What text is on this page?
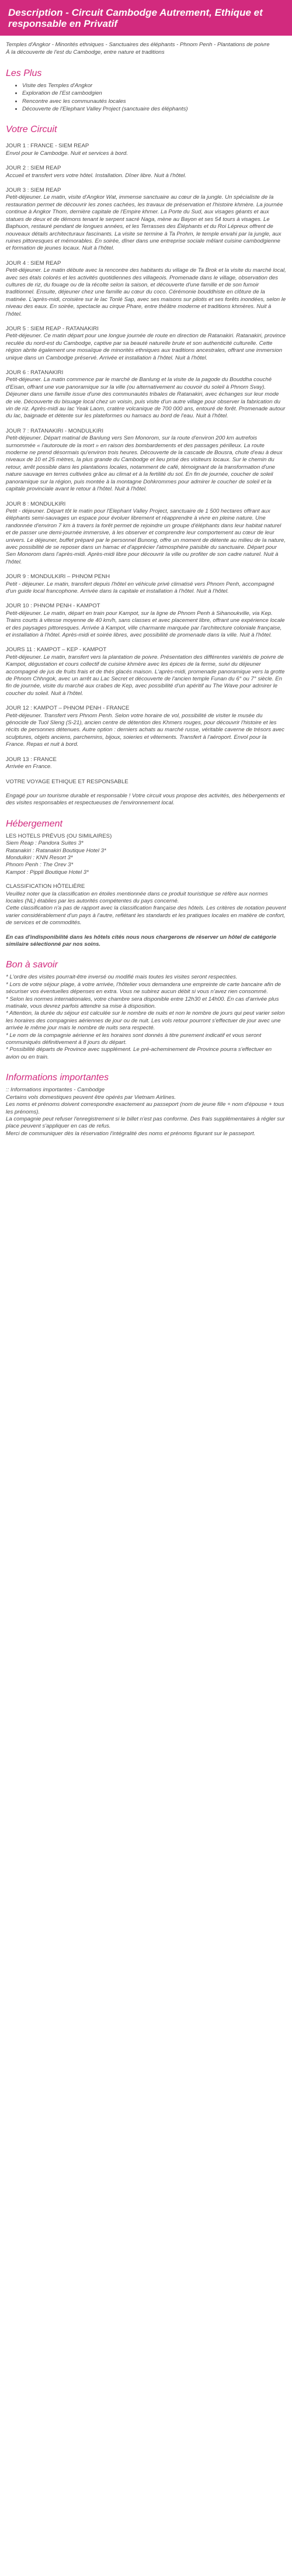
Description - Circuit Cambodge Autrement, Ethique et responsable en Privatif

Temples d'Angkor - Minorités ethniques - Sanctuaires des éléphants - Phnom Penh - Plantations de poivre

À la découverte de l'est du Cambodge, entre nature et traditions

Les Plus
• Visite des Temples d'Angkor
• Exploration de l'Est cambodgien
• Rencontre avec les communautés locales
• Découverte de l'Elephant Valley Project (sanctuaire des éléphants)
Votre Circuit
JOUR 1 : FRANCE - SIEM REAP

Envol pour le Cambodge. Nuit et services à bord.

JOUR 2 : SIEM REAP

Accueil et transfert vers votre hôtel. Installation. Dîner libre. Nuit à l'hôtel.

JOUR 3 : SIEM REAP

Petit-déjeuner. Le matin, visite d'Angkor Wat, immense sanctuaire au cœur de la jungle. Un spécialiste de la restauration permet de découvrir les zones cachées, les travaux de préservation et l'histoire khmère. La journée continue à Angkor Thom, dernière capitale de l'Empire khmer. La Porte du Sud, aux visages géants et aux statues de deux et de démons tenant le serpent sacré Naga, mène au Bayon et ses 54 tours à visages. Le Baphuon, restauré pendant de longues années, et les Terrasses des Éléphants et du Roi Lépreux offrent de nouveaux détails architecturaux fascinants. La visite se termine à Ta Prohm, le temple envahi par la jungle, aux ruines pittoresques et mémorables. En soirée, dîner dans une entreprise sociale mêlant cuisine cambodgienne et formation de jeunes locaux. Nuit à l'hôtel.

JOUR 4 : SIEM REAP

Petit-déjeuner. Le matin débute avec la rencontre des habitants du village de Ta Brok et la visite du marché local, avec ses étals colorés et les activités quotidiennes des villageois. Promenade dans le village, observation des cultures de riz, du fouage ou de la récolte selon la saison, et découverte d'une famille et de son fumoir traditionnel. Ensuite, déjeuner chez une famille au cœur du coco. Cérémonie bouddhiste en clôture de la matinée. L'après-midi, croisière sur le lac Tonlé Sap, avec ses maisons sur pilotis et ses forêts inondées, selon le niveau des eaux. En soirée, spectacle au cirque Phare, entre théâtre moderne et traditions khmères. Nuit à l'hôtel.

JOUR 5 : SIEM REAP - RATANAKIRI

Petit-déjeuner. Ce matin départ pour une longue journée de route en direction de Ratanakiri. Ratanakiri, province reculée du nord-est du Cambodge, captive par sa beauté naturelle brute et son authenticité culturelle. Cette région abrite également une mosaïque de minorités ethniques aux traditions ancestrales, offrant une immersion unique dans un Cambodge préservé. Arrivée et installation à l'hôtel. Nuit à l'hôtel.

JOUR 6 : RATANAKIRI

Petit-déjeuner. La matin commence par le marché de Banlung et la visite de la pagode du Bouddha couché d'Eisan, offrant une vue panoramique sur la ville (ou alternativement au couvoir du soleil à Phnom Svay). Déjeuner dans une famille issue d'une des communautés tribales de Ratanakiri, avec échanges sur leur mode de vie. Découverte du bisuage local chez un voisin, puis visite d'un autre village pour observer la fabrication du vin de riz. Après-midi au lac Yeak Laom, cratère volcanique de 700 000 ans, entouré de forêt. Promenade autour du lac, baignade et détente sur les plateformes ou hamacs au bord de l'eau. Nuit à l'hôtel.

JOUR 7 : RATANAKIRI - MONDULKIRI

Petit-déjeuner. Départ matinal de Banlung vers Sen Monorom, sur la route d'environ 200 km autrefois surnommée « l'autoroute de la mort » en raison des bombardements et des passages périlleux. La route moderne ne prend désormais qu'environ trois heures. Découverte de la cascade de Bousra, chute d'eau à deux niveaux de 10 et 25 mètres, la plus grande du Cambodge et lieu prisé des visiteurs locaux. Sur le chemin du retour, arrêt possible dans les plantations locales, notamment de café, témoignant de la transformation d'une nature sauvage en terres cultivées grâce au climat et à la fertilité du sol. En fin de journée, coucher de soleil panoramique sur la région, puis montée à la montagne Dohkrommes pour admirer le coucher de soleil et la capitale provinciale avant le retour à l'hôtel. Nuit à l'hôtel.

JOUR 8 : MONDULKIRI

Petit - déjeuner. Départ tôt le matin pour l'Elephant Valley Project, sanctuaire de 1 500 hectares offrant aux éléphants semi-sauvages un espace pour évoluer librement et réapprendre à vivre en pleine nature. Une randonnée d'environ 7 km à travers la forêt permet de rejoindre un groupe d'éléphants dans leur habitat naturel et de passer une demi-journée immersive, à les observer et comprendre leur comportement au cœur de leur univers. Le déjeuner, buffet préparé par le personnel Bunong, offre un moment de détente au milieu de la nature, avec possibilité de se reposer dans un hamac et d'apprécier l'atmosphère paisible du sanctuaire. Départ pour Sen Monorom dans l'après-midi. Après-midi libre pour découvrir la ville ou profiter de son cadre naturel. Nuit à l'hôtel.

JOUR 9 : MONDULKIRI – PHNOM PENH

Petit - déjeuner. Le matin, transfert depuis l'hôtel en véhicule privé climatisé vers Phnom Penh, accompagné d'un guide local francophone. Arrivée dans la capitale et installation à l'hôtel. Nuit à l'hôtel.

JOUR 10 : PHNOM PENH - KAMPOT

Petit-déjeuner. Le matin, départ en train pour Kampot, sur la ligne de Phnom Penh à Sihanoukville, via Kep. Trains courts à vitesse moyenne de 40 km/h, sans classes et avec placement libre, offrant une expérience locale et des paysages pittoresques. Arrivée à Kampot, ville charmante marquée par l'architecture coloniale française, et installation à l'hôtel. Après-midi et soirée libres, avec possibilité de promenade dans la ville. Nuit à l'hôtel.

JOURS 11 : KAMPOT – KEP - KAMPOT

Petit-déjeuner. Le matin, transfert vers la plantation de poivre. Présentation des différentes variétés de poivre de Kampot, dégustation et cours collectif de cuisine khmère avec les épices de la ferme, suivi du déjeuner accompagné de jus de fruits frais et de thés glacés maison. L'après-midi, promenade panoramique vers la grotte de Phnom Chhngok, avec un arrêt au Lac Secret et découverte de l'ancien temple Funan du 6° ou 7° siècle. En fin de journée, visite du marché aux crabes de Kep, avec possibilité d'un apéritif au The Wave pour admirer le coucher du soleil. Nuit à l'hôtel.

JOUR 12 : KAMPOT – PHNOM PENH - FRANCE

Petit-déjeuner. Transfert vers Phnom Penh. Selon votre horaire de vol, possibilité de visiter le musée du génocide de Tuol Sleng (S-21), ancien centre de détention des Khmers rouges, pour découvrir l'histoire et les récits de personnes détenues. Autre option : derniers achats au marché russe, véritable caverne de trésors avec sculptures, objets anciens, parchemins, bijoux, soieries et vêtements. Transfert à l'aéroport. Envol pour la France. Repas et nuit à bord.

JOUR 13 : FRANCE

Arrivée en France.

VOTRE VOYAGE ETHIQUE ET RESPONSABLE

Engagé pour un tourisme durable et responsable ! Votre circuit vous propose des activités, des hébergements et des visites responsables et respectueuses de l'environnement local.

Hébergement

LES HOTELS PRÉVUS (OU SIMILAIRES)

Siem Reap : Pandora Suites 3*

Ratanakiri : Ratanakiri Boutique Hotel 3*

Mondulkiri : KNN Resort 3*

Phnom Penh : The Orev 3*

Kampot : Pippli Boutique Hotel 3*

CLASSIFICATION HÔTELIÈRE

Veuillez noter que la classification en étoiles mentionnée dans ce produit touristique se réfère aux normes locales (NL) établies par les autorités compétentes du pays concerné.

Cette classification n'a pas de rapport avec la classification française des hôtels. Les critères de notation peuvent varier considérablement d'un pays à l'autre, reflétant les standards et les pratiques locales en matière de confort, de services et de commodités.

En cas d'indisponibilité dans les hôtels cités nous nous chargerons de réserver un hôtel de catégorie similaire sélectionné par nos soins.

Bon à savoir

* L'ordre des visites pourrait-être inversé ou modifié mais toutes les visites seront respectées.

* Lors de votre séjour plage, à votre arrivée, l'hôtelier vous demandera une empreinte de carte bancaire afin de sécuriser vos éventuelles dépenses en extra. Vous ne subirez aucun débit si vous n'avez rien consommé.

* Selon les normes internationales, votre chambre sera disponible entre 12h30 et 14h00. En cas d'arrivée plus matinale, vous devrez parfois attendre sa mise à disposition.

* Attention, la durée du séjour est calculée sur le nombre de nuits et non le nombre de jours qui peut varier selon les horaires des compagnies aériennes de jour ou de nuit. Les vols retour pourront s'effectuer de jour avec une arrivée le même jour mais le nombre de nuits sera respecté.

* Le nom de la compagnie aérienne et les horaires sont donnés à titre purement indicatif et vous seront communiqués définitivement à 8 jours du départ.

* Possibilité départs de Province avec supplément. Le pré-acheminement de Province pourra s'effectuer en avion ou en train.

Informations importantes

:: Informations importantes - Cambodge

Certains vols domestiques peuvent être opérés par Vietnam Airlines.

Les noms et prénoms doivent correspondre exactement au passeport (nom de jeune fille + nom d'épouse + tous les prénoms).

La compagnie peut refuser l'enregistrement si le billet n'est pas conforme. Des frais supplémentaires à régler sur place peuvent s'appliquer en cas de refus.

Merci de communiquer dès la réservation l'intégralité des noms et prénoms figurant sur le passeport.
